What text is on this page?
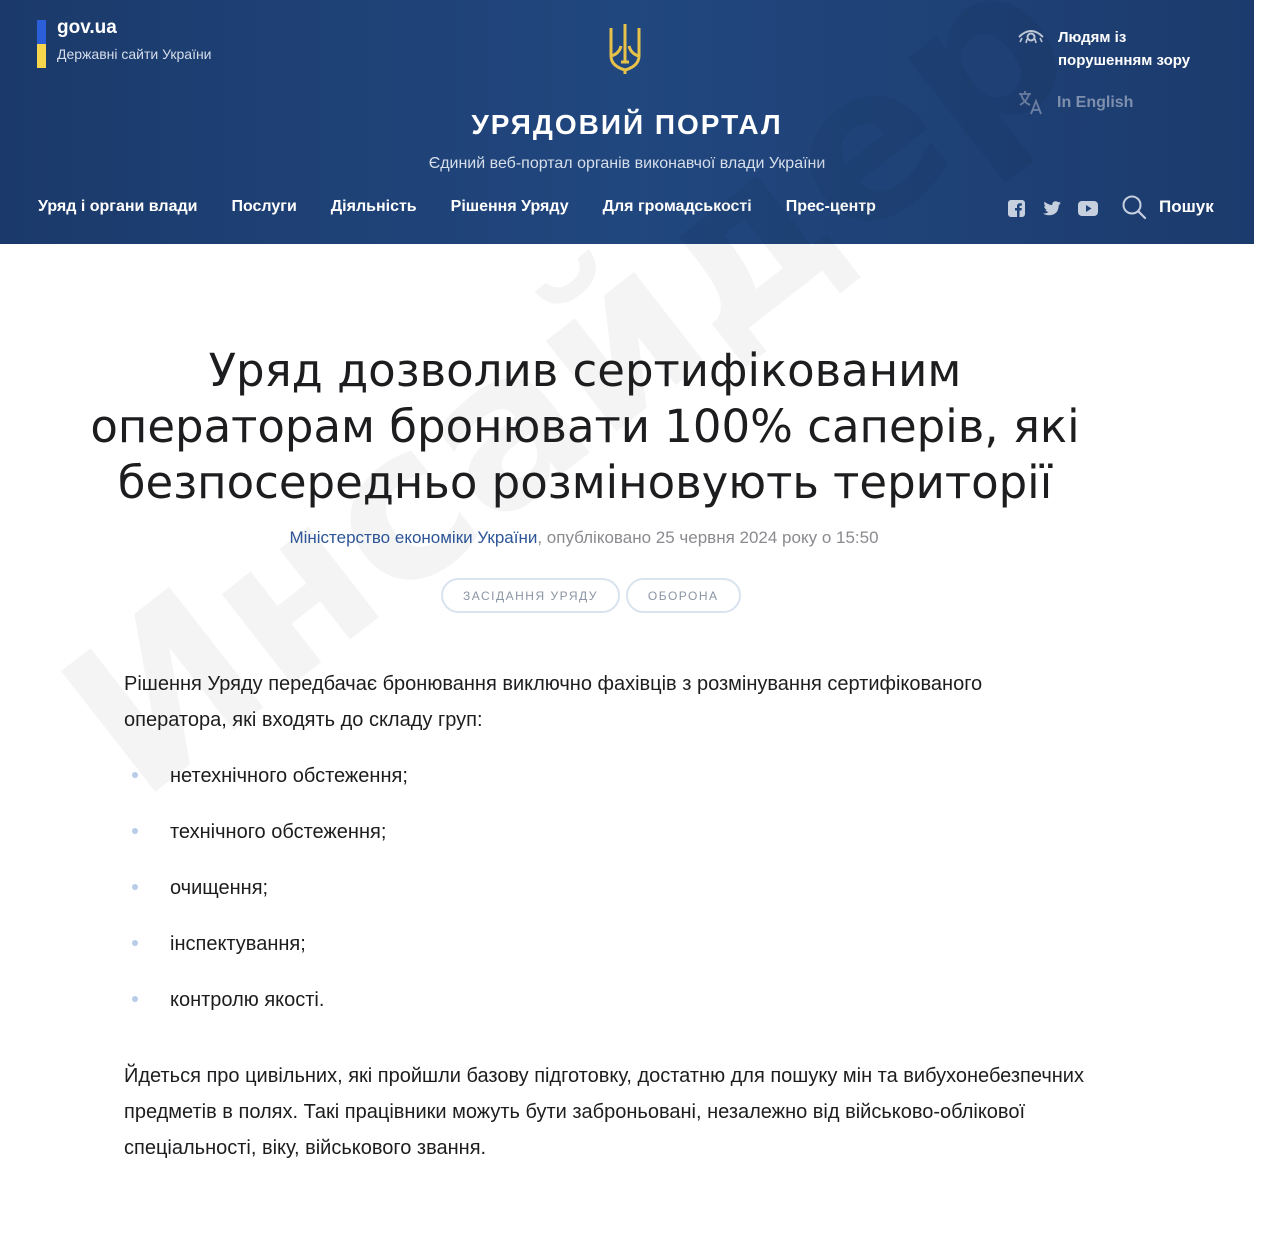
gov.ua
Державні сайти України
УРЯДОВИЙ ПОРТАЛ
Єдиний веб-портал органів виконавчої влади України
Людям із порушенням зору
In English
Уряд і органи влади Послуги Діяльність Рішення Уряду Для громадськості Прес-центр	Пошук
Уряд дозволив сертифікованим операторам бронювати 100% саперів, які безпосередньо розміновують території
Міністерство економіки України, опубліковано 25 червня 2024 року о 15:50
ЗАСІДАННЯ УРЯДУ	ОБОРОНА

Рішення Уряду передбачає бронювання виключно фахівців з розмінування сертифікованого оператора, які входять до складу груп:

нетехнічного обстеження;
технічного обстеження;
очищення;
інспектування;
контролю якості.

Йдеться про цивільних, які пройшли базову підготовку, достатню для пошуку мін та вибухонебезпечних предметів в полях. Такі працівники можуть бути заброньовані, незалежно від військово-облікової спеціальності, віку, військового звання.
